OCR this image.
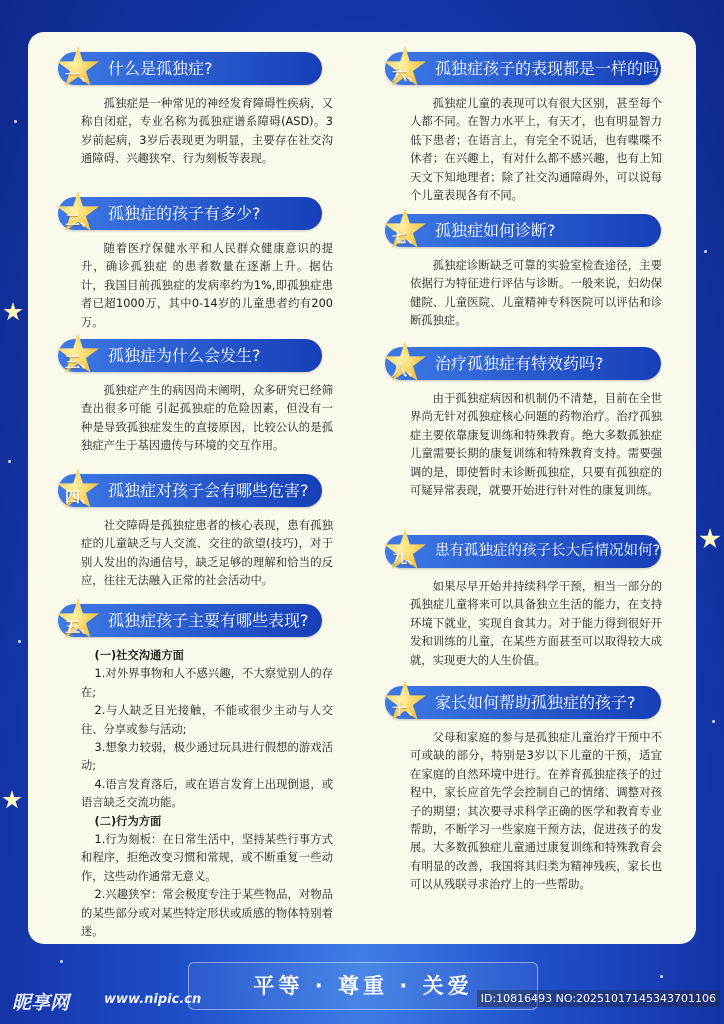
一、 什么是孤独症?

孤独症是一种常见的神经发育障碍性疾病，又称自闭症，专业名称为孤独症谱系障碍(ASD)。3岁前起病，3岁后表现更为明显，主要存在社交沟通障碍、兴趣狭窄、行为刻板等表现。

二、 孤独症的孩子有多少?

随着医疗保健水平和人民群众健康意识的提升，确诊孤独症 的患者数量在逐渐上升。据估计，我国目前孤独症的发病率约为1%,即孤独症患者已超1000万，其中0-14岁的儿童患者约有200万。

三、 孤独症为什么会发生?

孤独症产生的病因尚未阐明，众多研究已经筛查出很多可能 引起孤独症的危险因素，但没有一种是导致孤独症发生的直接原因，比较公认的是孤独症产生于基因遗传与环境的交互作用。

四、 孤独症对孩子会有哪些危害?

社交障碍是孤独症患者的核心表现，患有孤独症的儿童缺乏与人交流、交往的欲望(技巧)，对于别人发出的沟通信号，缺乏足够的理解和恰当的反应，往往无法融入正常的社会活动中。

五、 孤独症孩子主要有哪些表现?

(一)社交沟通方面

1.对外界事物和人不感兴趣，不大察觉别人的存在;

2.与人缺乏目光接触，不能或很少主动与人交往、分享或参与活动;

3.想象力较弱，极少通过玩具进行假想的游戏活动;

4.语言发育落后，或在语言发育上出现倒退，或语言缺乏交流功能。

(二)行为方面

1.行为刻板：在日常生活中，坚持某些行事方式和程序，拒绝改变习惯和常规，或不断重复一些动作，这些动作通常无意义。

2.兴趣狭窄：常会极度专注于某些物品，对物品的某些部分或对某些特定形状或质感的物体特别着迷。

六、 孤独症孩子的表现都是一样的吗?

孤独症儿童的表现可以有很大区别，甚至每个人都不同。在智力水平上，有天才，也有明显智力低下患者；在语言上，有完全不说话，也有喋喋不休者；在兴趣上，有对什么都不感兴趣，也有上知天文下知地理者；除了社交沟通障碍外，可以说每个儿童表现各有不同。

七、 孤独症如何诊断?

孤独症诊断缺乏可靠的实验室检查途径，主要依据行为特征进行评估与诊断。一般来说，妇幼保健院、儿童医院、儿童精神专科医院可以评估和诊断孤独症。

八、 治疗孤独症有特效药吗?

由于孤独症病因和机制仍不清楚，目前在全世界尚无针对孤独症核心问题的药物治疗。治疗孤独症主要依靠康复训练和特殊教育。绝大多数孤独症儿童需要长期的康复训练和特殊教育支持。需要强调的是，即使暂时未诊断孤独症，只要有孤独症的可疑异常表现，就要开始进行针对性的康复训练。

九、 患有孤独症的孩子长大后情况如何?

如果尽早开始并持续科学干预，相当一部分的孤独症儿童将来可以具备独立生活的能力，在支持环境下就业，实现自食其力。对于能力得到很好开发和训练的儿童，在某些方面甚至可以取得较大成就，实现更大的人生价值。

十、 家长如何帮助孤独症的孩子?

父母和家庭的参与是孤独症儿童治疗干预中不可或缺的部分，特别是3岁以下儿童的干预，适宜在家庭的自然环境中进行。在养育孤独症孩子的过程中，家长应首先学会控制自己的情绪、调整对孩子的期望；其次要寻求科学正确的医学和教育专业帮助，不断学习一些家庭干预方法，促进孩子的发展。大多数孤独症儿童通过康复训练和特殊教育会有明显的改善，我国将其归类为精神残疾，家长也可以从残联寻求治疗上的一些帮助。

平等 · 尊重 · 关爱
昵享网	www.nipic.cn	ID:10816493 NO:20251017145343701106
